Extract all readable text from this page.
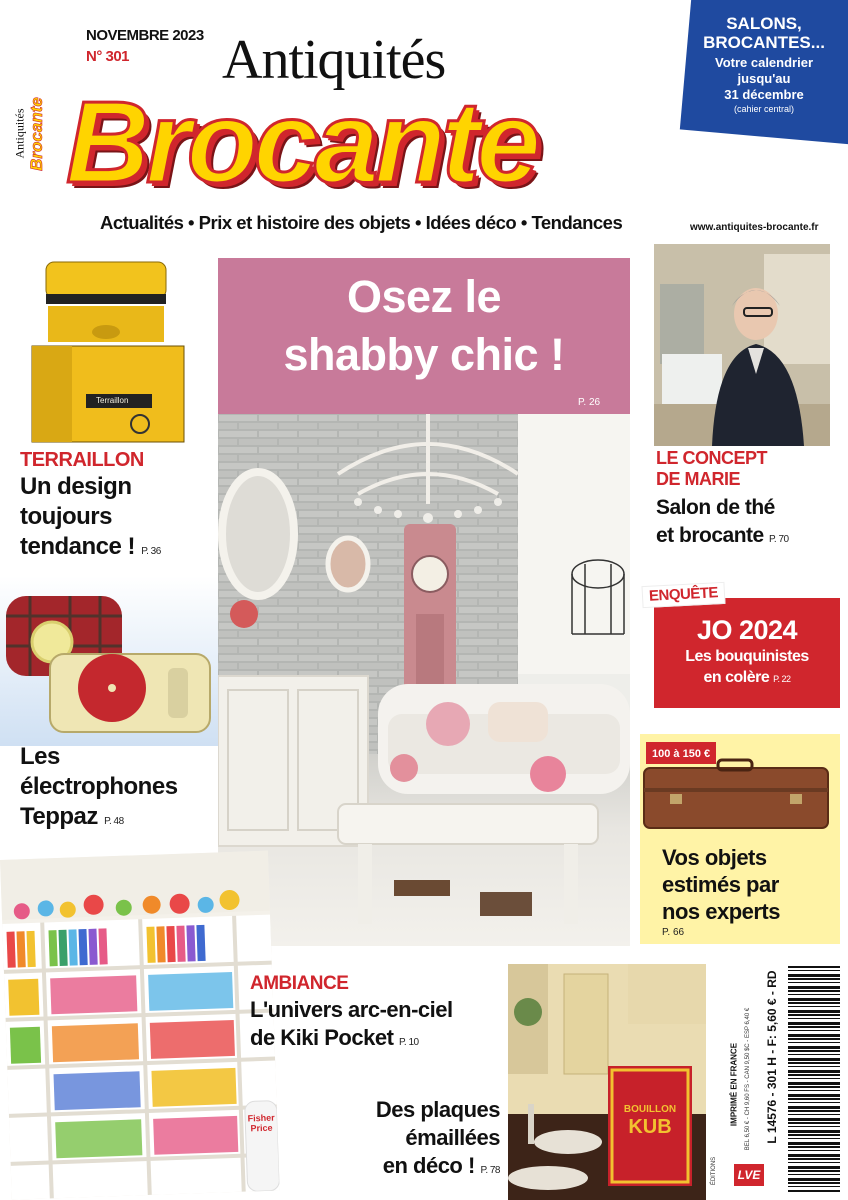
NOVEMBRE 2023
N° 301 Antiquités
Brocante
Antiquités Brocante
Actualités • Prix et histoire des objets • Idées déco • Tendances	www.antiquites-brocante.fr
SALONS,
BROCANTES...
Votre calendrier
jusqu'au
31 décembre
(cahier central)
Osez le
shabby chic !
P. 26
Terraillon
TERRAILLON
Un design
toujours
tendance ! P. 36
Les
électrophones
Teppaz P. 48
LE CONCEPT
DE MARIE
Salon de thé
et brocante P. 70
ENQUÊTE
JO 2024
Les bouquinistes
en colère P. 22
100 à 150 €
Vos objets
estimés par
nos experts
P. 66
Fisher Price
AMBIANCE
L'univers arc-en-ciel
de Kiki Pocket P. 10
BOUILLON
KUB
Des plaques
émaillées
en déco ! P. 78
IMPRIMÉ EN FRANCE BEL 6,50 € - CH 9,60 FS - CAN 9,50 $C - ESP 6,40 € L 14576 - 301 H - F: 5,60 € - RD
ÉDITIONS	LVE
